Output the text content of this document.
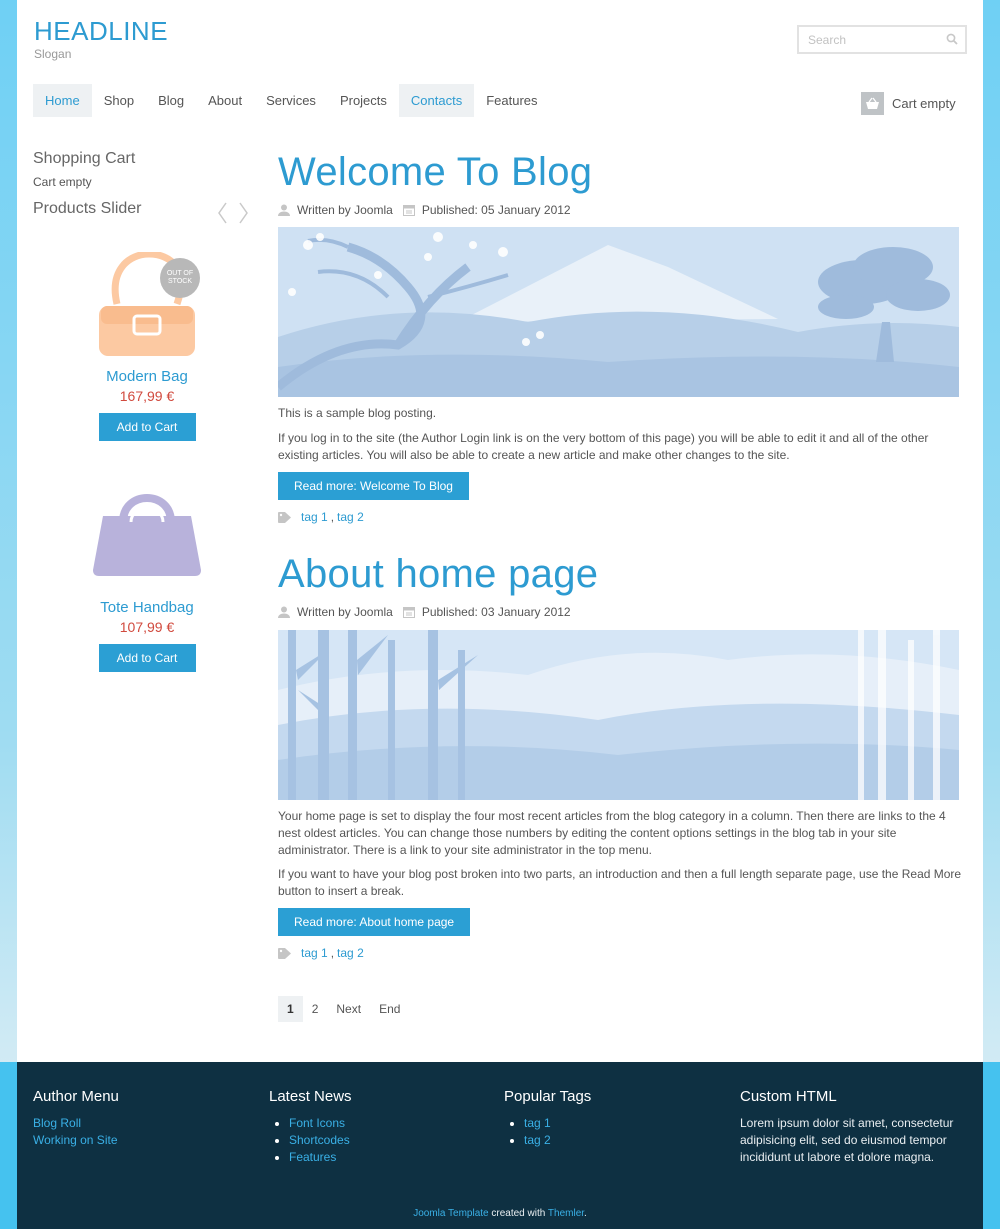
HEADLINE
Slogan
Search
Home	Shop	Blog	About	Services	Projects	Contacts	Features	Cart empty
Shopping Cart
Cart empty
Products Slider
OUT OF STOCK
Modern Bag
167,99 €
Add to Cart
Tote Handbag
107,99 €
Add to Cart
Welcome To Blog
Written by Joomla Published: 05 January 2012
This is a sample blog posting.
If you log in to the site (the Author Login link is on the very bottom of this page) you will be able to edit it and all of the other existing articles. You will also be able to create a new article and make other changes to the site.
Read more: Welcome To Blog
tag 1 , tag 2
About home page
Written by Joomla Published: 03 January 2012
Your home page is set to display the four most recent articles from the blog category in a column. Then there are links to the 4 nest oldest articles. You can change those numbers by editing the content options settings in the blog tab in your site administrator. There is a link to your site administrator in the top menu.
If you want to have your blog post broken into two parts, an introduction and then a full length separate page, use the Read More button to insert a break.
Read more: About home page
tag 1 , tag 2
1	2	Next	End
Author Menu
Blog Roll
Working on Site
Latest News
• Font Icons
• Shortcodes
• Features
Popular Tags
• tag 1
• tag 2
Custom HTML
Lorem ipsum dolor sit amet, consectetur adipisicing elit, sed do eiusmod tempor incididunt ut labore et dolore magna.
Joomla Template created with Themler.
